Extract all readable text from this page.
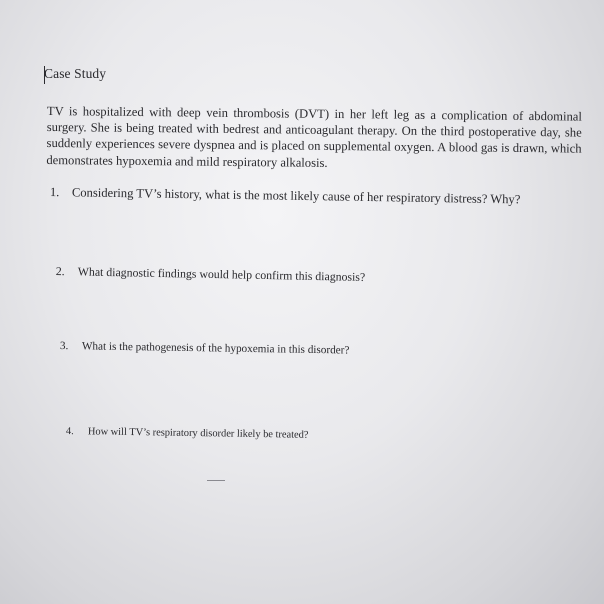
Case Study
TV is hospitalized with deep vein thrombosis (DVT) in her left leg as a complication of abdominal surgery. She is being treated with bedrest and anticoagulant therapy. On the third postoperative day, she suddenly experiences severe dyspnea and is placed on supplemental oxygen. A blood gas is drawn, which demonstrates hypoxemia and mild respiratory alkalosis.
1. Considering TV’s history, what is the most likely cause of her respiratory distress? Why?
2. What diagnostic findings would help confirm this diagnosis?
3. What is the pathogenesis of the hypoxemia in this disorder?
4. How will TV’s respiratory disorder likely be treated?
